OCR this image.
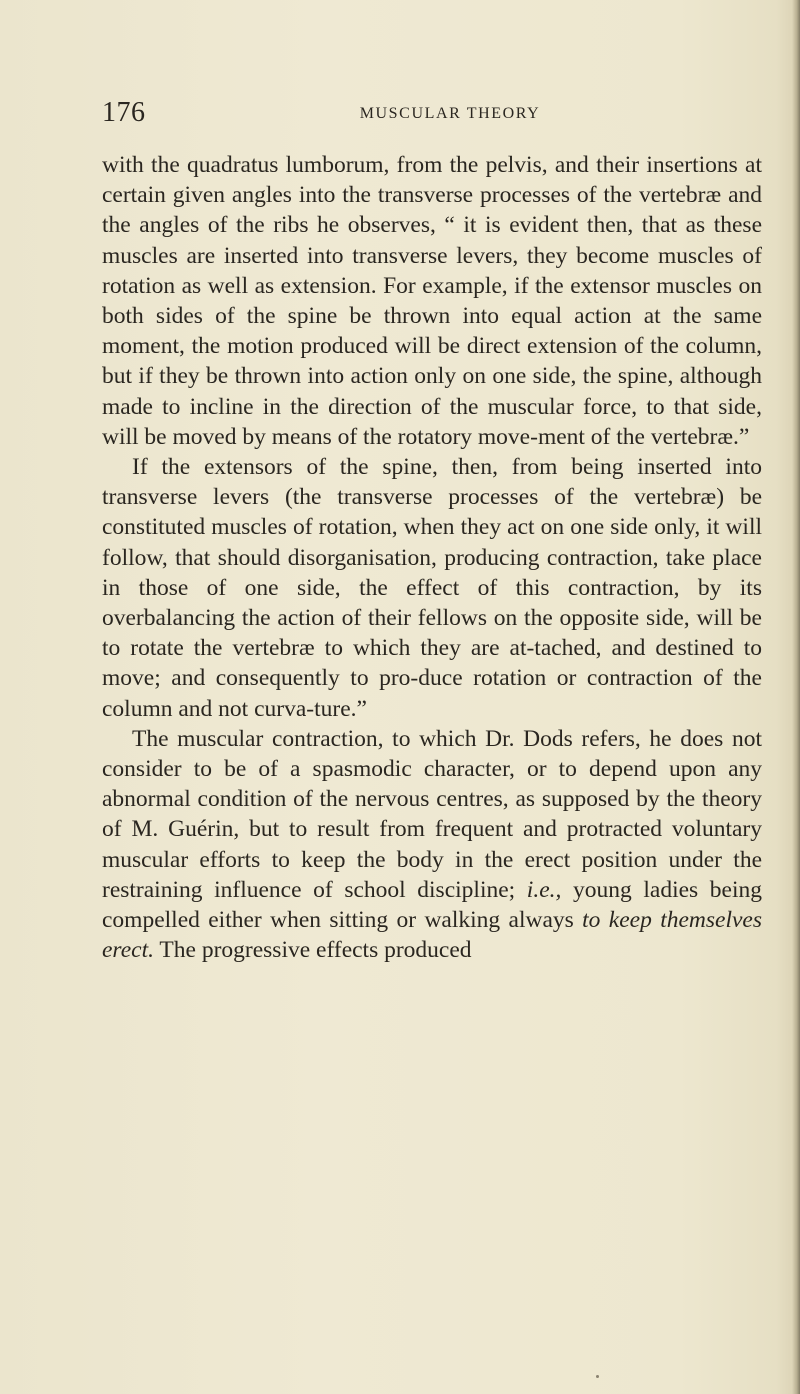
176	MUSCULAR THEORY

with the quadratus lumborum, from the pelvis, and their insertions at certain given angles into the transverse processes of the vertebræ and the angles of the ribs he observes, “ it is evident then, that as these muscles are inserted into transverse levers, they become muscles of rotation as well as extension. For example, if the extensor muscles on both sides of the spine be thrown into equal action at the same moment, the motion produced will be direct extension of the column, but if they be thrown into action only on one side, the spine, although made to incline in the direction of the muscular force, to that side, will be moved by means of the rotatory move-ment of the vertebræ.”

If the extensors of the spine, then, from being inserted into transverse levers (the transverse processes of the vertebræ) be constituted muscles of rotation, when they act on one side only, it will follow, that should disorganisation, producing contraction, take place in those of one side, the effect of this contraction, by its overbalancing the action of their fellows on the opposite side, will be to rotate the vertebræ to which they are at-tached, and destined to move; and consequently to pro-duce rotation or contraction of the column and not curva-ture.”

The muscular contraction, to which Dr. Dods refers, he does not consider to be of a spasmodic character, or to depend upon any abnormal condition of the nervous centres, as supposed by the theory of M. Guérin, but to result from frequent and protracted voluntary muscular efforts to keep the body in the erect position under the restraining influence of school discipline; i.e., young ladies being compelled either when sitting or walking always to keep themselves erect. The progressive effects produced
